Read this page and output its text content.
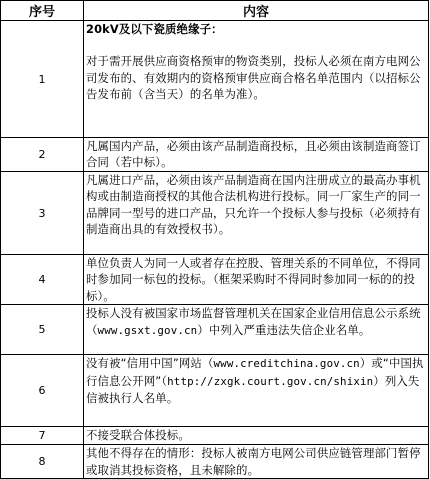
序号	内容
1	20kV及以下瓷质绝缘子：
对于需开展供应商资格预审的物资类别，投标人必须在南方电网公司发布的、有效期内的资格预审供应商合格名单范围内（以招标公告发布前（含当天）的名单为准）。
2	凡属国内产品，必须由该产品制造商投标，且必须由该制造商签订合同（若中标）。
3	凡属进口产品，必须由该产品制造商在国内注册成立的最高办事机构或由制造商授权的其他合法机构进行投标。同一厂家生产的同一品牌同一型号的进口产品，只允许一个投标人参与投标（必须持有制造商出具的有效授权书）。
4	单位负责人为同一人或者存在控股、管理关系的不同单位，不得同时参加同一标包的投标。（框架采购时不得同时参加同一标的的投标）。
5	投标人没有被国家市场监督管理机关在国家企业信用信息公示系统（www.gsxt.gov.cn）中列入严重违法失信企业名单。
6	没有被“信用中国”网站（www.creditchina.gov.cn）或“中国执行信息公开网”（http://zxgk.court.gov.cn/shixin）列入失信被执行人名单。
7	不接受联合体投标。
8	其他不得存在的情形：投标人被南方电网公司供应链管理部门暂停或取消其投标资格，且未解除的。
